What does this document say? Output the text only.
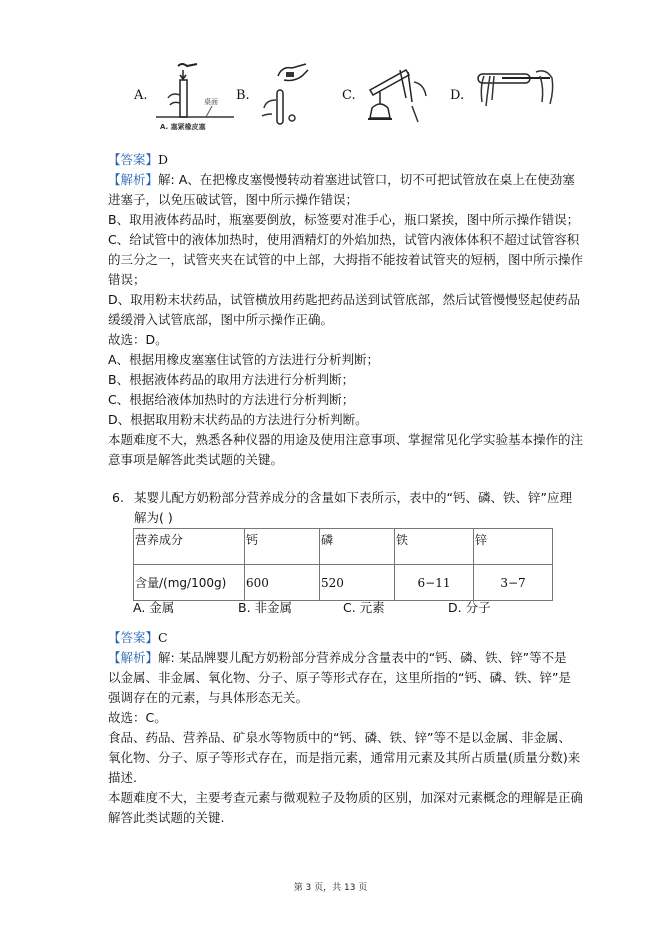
A.	桌面
A. 塞紧橡皮塞
B.	C.	D.
【答案】D
【解析】解: A、在把橡皮塞慢慢转动着塞进试管口，切不可把试管放在桌上在使劲塞
进塞子，以免压破试管，图中所示操作错误；
B、取用液体药品时，瓶塞要倒放，标签要对准手心，瓶口紧挨，图中所示操作错误；
C、给试管中的液体加热时，使用酒精灯的外焰加热，试管内液体体积不超过试管容积
的三分之一，试管夹夹在试管的中上部，大拇指不能按着试管夹的短柄，图中所示操作
错误；
D、取用粉末状药品，试管横放用药匙把药品送到试管底部，然后试管慢慢竖起使药品
缓缓滑入试管底部，图中所示操作正确。
故选：D。
A、根据用橡皮塞塞住试管的方法进行分析判断；
B、根据液体药品的取用方法进行分析判断；
C、根据给液体加热时的方法进行分析判断；
D、根据取用粉末状药品的方法进行分析判断。
本题难度不大，熟悉各种仪器的用途及使用注意事项、掌握常见化学实验基本操作的注
意事项是解答此类试题的关键。
6. 某婴儿配方奶粉部分营养成分的含量如下表所示，表中的“钙、磷、铁、锌”应理
解为( )
营养成分	钙	磷	铁	锌
含量/(mg/100g)	600	520	6−11	3−7
A. 金属	B. 非金属	C. 元素	D. 分子
【答案】C
【解析】解: 某品牌婴儿配方奶粉部分营养成分含量表中的“钙、磷、铁、锌”等不是
以金属、非金属、氧化物、分子、原子等形式存在，这里所指的“钙、磷、铁、锌”是
强调存在的元素，与具体形态无关。
故选：C。
食品、药品、营养品、矿泉水等物质中的“钙、磷、铁、锌”等不是以金属、非金属、
氧化物、分子、原子等形式存在，而是指元素，通常用元素及其所占质量(质量分数)来
描述.
本题难度不大，主要考查元素与微观粒子及物质的区别，加深对元素概念的理解是正确
解答此类试题的关键.
第 3 页，共 13 页
